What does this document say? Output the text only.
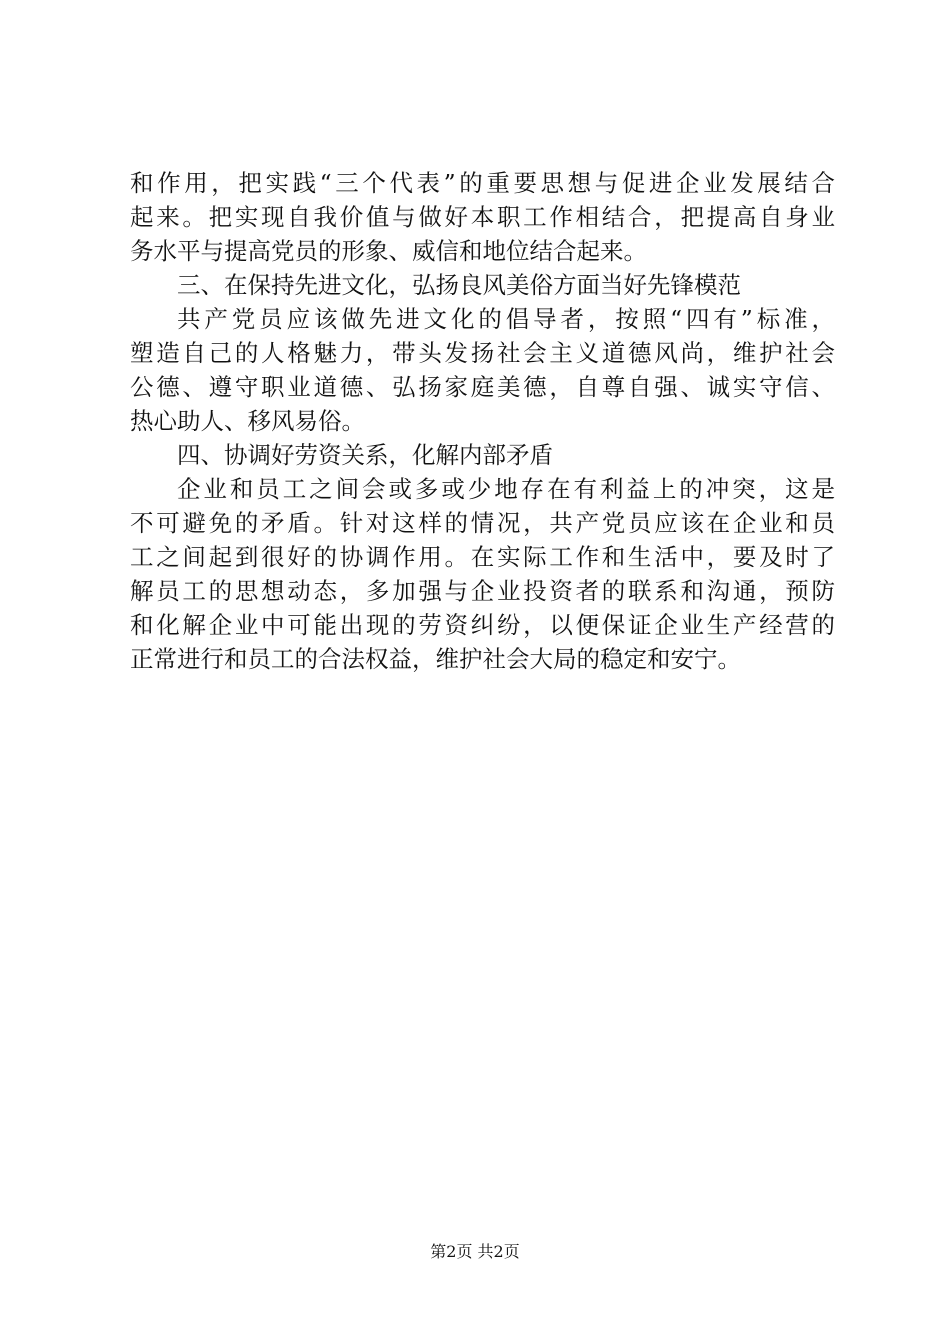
和作用，把实践“三个代表”的重要思想与促进企业发展结合
起来。把实现自我价值与做好本职工作相结合，把提高自身业
务水平与提高党员的形象、威信和地位结合起来。
三、在保持先进文化，弘扬良风美俗方面当好先锋模范
共产党员应该做先进文化的倡导者，按照“四有”标准，
塑造自己的人格魅力，带头发扬社会主义道德风尚，维护社会
公德、遵守职业道德、弘扬家庭美德，自尊自强、诚实守信、
热心助人、移风易俗。
四、协调好劳资关系，化解内部矛盾
企业和员工之间会或多或少地存在有利益上的冲突，这是
不可避免的矛盾。针对这样的情况，共产党员应该在企业和员
工之间起到很好的协调作用。在实际工作和生活中，要及时了
解员工的思想动态，多加强与企业投资者的联系和沟通，预防
和化解企业中可能出现的劳资纠纷，以便保证企业生产经营的
正常进行和员工的合法权益，维护社会大局的稳定和安宁。
第2页 共2页
